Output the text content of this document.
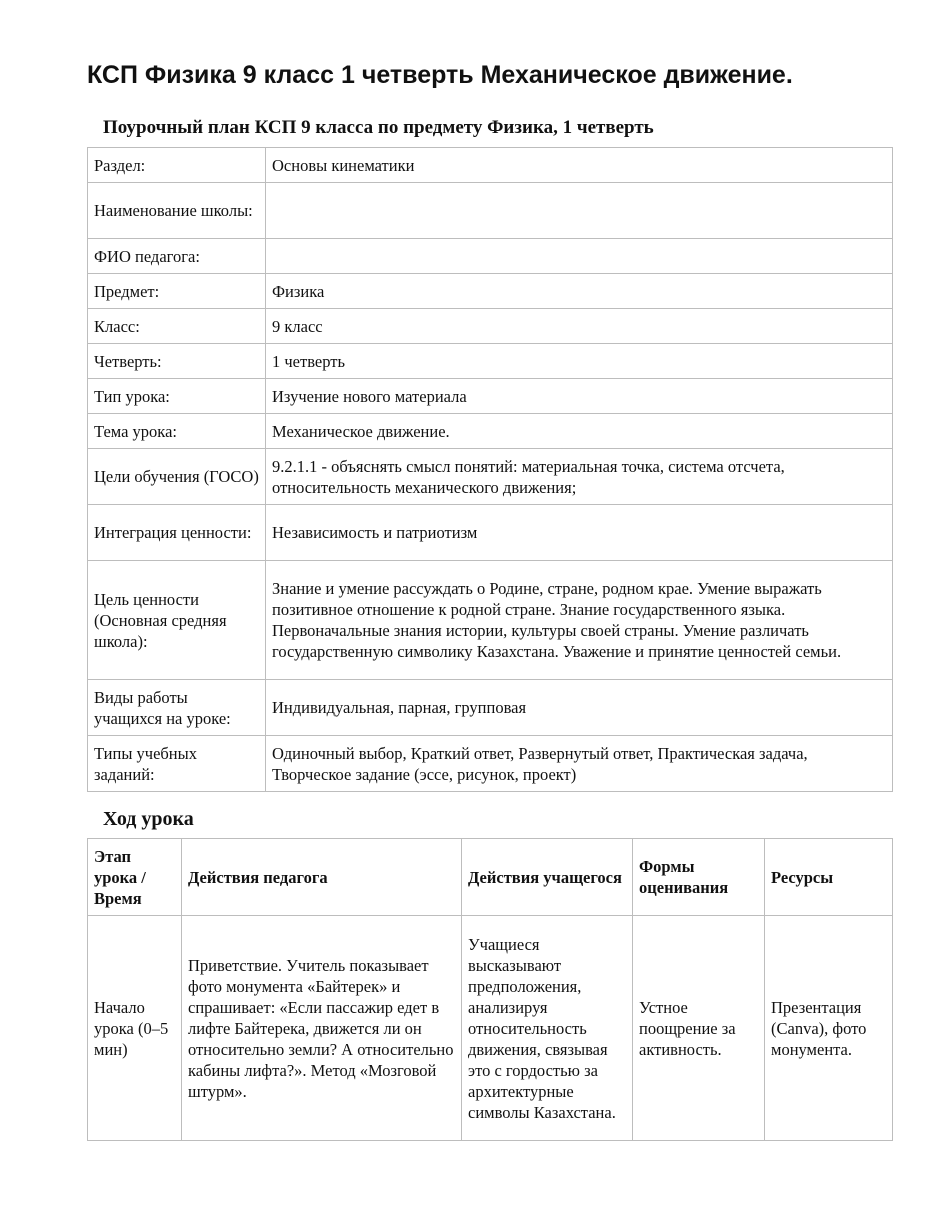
КСП Физика 9 класс 1 четверть Механическое движение.
Поурочный план КСП 9 класса по предмету Физика, 1 четверть
Раздел:	Основы кинематики
Наименование школы:	
ФИО педагога:	
Предмет:	Физика
Класс:	9 класс
Четверть:	1 четверть
Тип урока:	Изучение нового материала
Тема урока:	Механическое движение.
Цели обучения (ГОСО)	9.2.1.1 - объяснять смысл понятий: материальная точка, система отсчета, относительность механического движения;
Интеграция ценности:	Независимость и патриотизм
Цель ценности (Основная средняя школа):	Знание и умение рассуждать о Родине, стране, родном крае. Умение выражать позитивное отношение к родной стране. Знание государственного языка. Первоначальные знания истории, культуры своей страны. Умение различать государственную символику Казахстана. Уважение и принятие ценностей семьи.
Виды работы учащихся на уроке:	Индивидуальная, парная, групповая
Типы учебных заданий:	Одиночный выбор, Краткий ответ, Развернутый ответ, Практическая задача, Творческое задание (эссе, рисунок, проект)
Ход урока
Этап урока / Время	Действия педагога	Действия учащегося	Формы оценивания	Ресурсы
Начало урока (0–5 мин)	Приветствие. Учитель показывает фото монумента «Байтерек» и спрашивает: «Если пассажир едет в лифте Байтерека, движется ли он относительно земли? А относительно кабины лифта?». Метод «Мозговой штурм».	Учащиеся высказывают предположения, анализируя относительность движения, связывая это с гордостью за архитектурные символы Казахстана.	Устное поощрение за активность.	Презентация (Canva), фото монумента.
